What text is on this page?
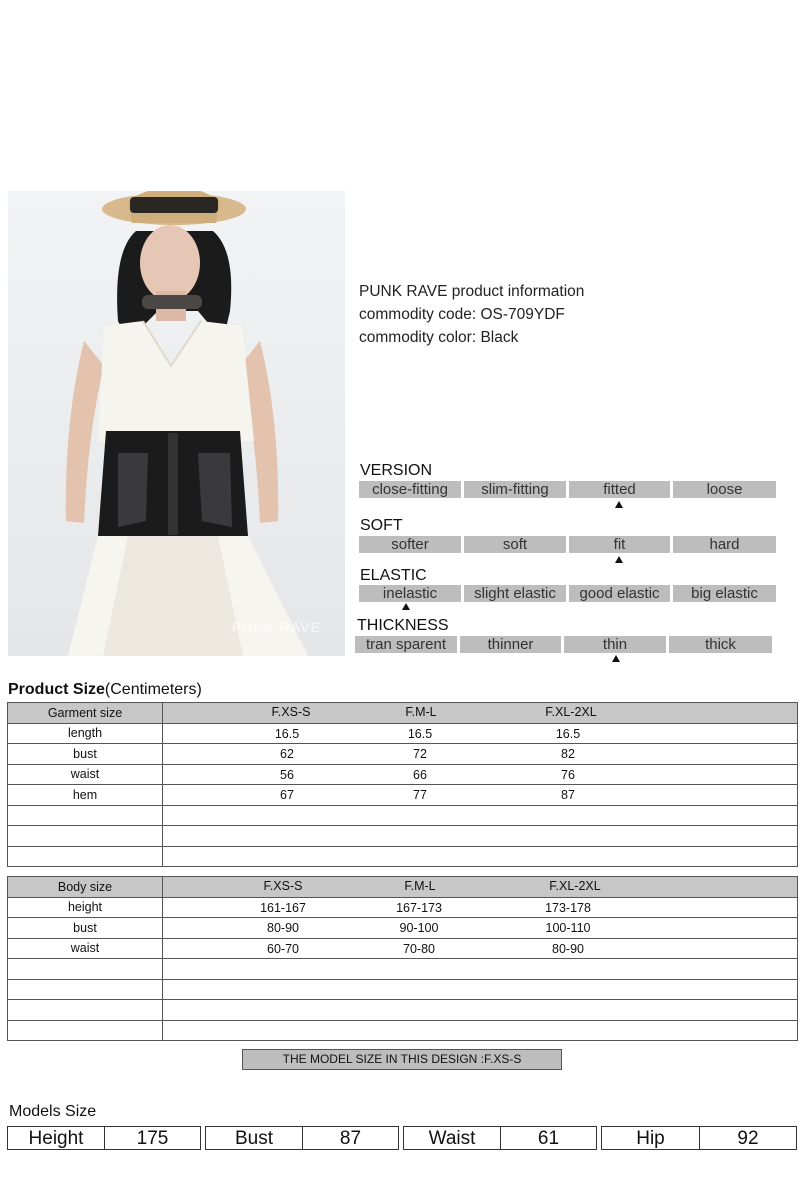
PUNK RAVE
PUNK RAVE product information
commodity code: OS-709YDF
commodity color: Black
VERSION
close-fitting	slim-fitting	fitted	loose
SOFT
softer	soft	fit	hard
ELASTIC
inelastic	slight elastic	good elastic	big elastic
THICKNESS
tran sparent	thinner	thin	thick
Product Size(Centimeters)
Garment size	F.XS-S F.M-L F.XL-2XL

length	16.5 16.5 16.5

bust	62 72 82

waist	56 66 76

hem	67 77 87

Body size	F.XS-S F.M-L F.XL-2XL

height	161-167 167-173 173-178

bust	80-90 90-100 100-110

waist	60-70 70-80 80-90

THE MODEL SIZE IN THIS DESIGN :F.XS-S
Models Size
Height	175	Bust	87	Waist	61	Hip	92
